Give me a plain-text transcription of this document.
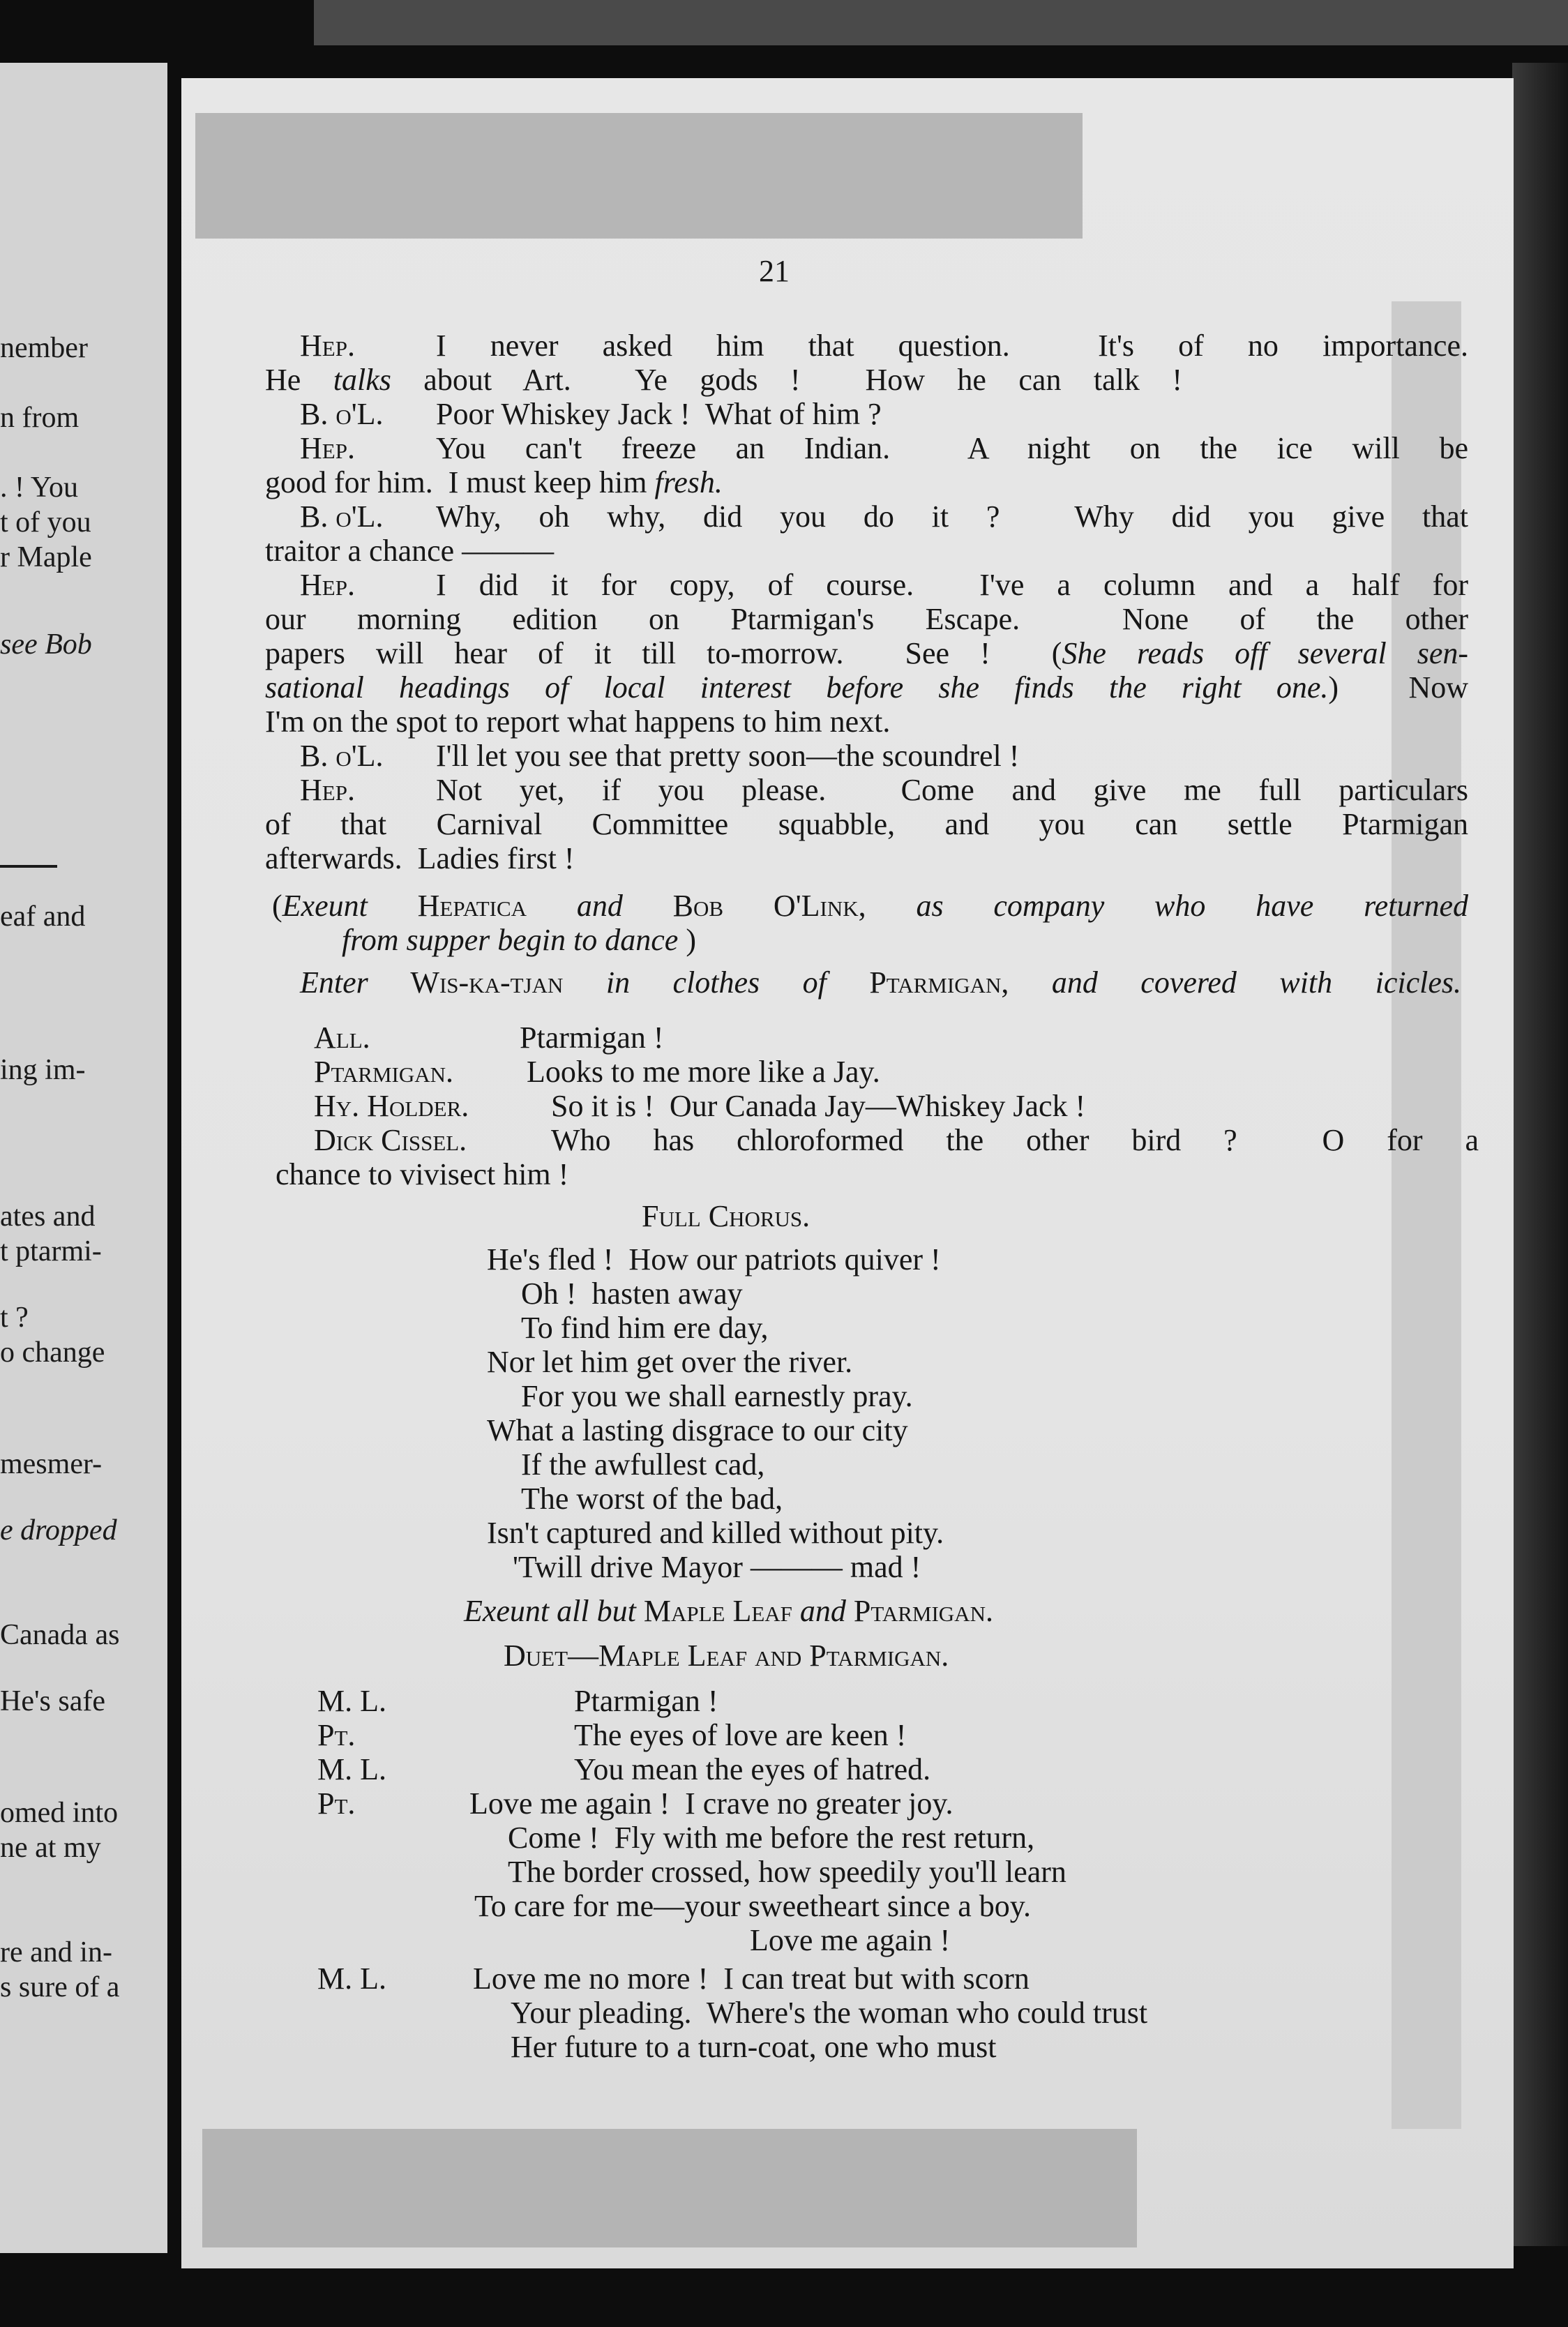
nember
n from
. ! You
t of you
r Maple
see Bob
eaf and
ing im-
ates and
t ptarmi-
t ?
o change
mesmer-
e dropped
Canada as
He's safe
omed into
ne at my
re and in-
s sure of a
21
Hep.	I never asked him that question.  It's of no importance.
He talks about Art.  Ye gods !  How he can talk !
B. o'L. Poor Whiskey Jack !  What of him ?
Hep.	You can't freeze an Indian.  A night on the ice will be
good for him.  I must keep him fresh.
B. o'L. Why, oh why, did you do it ?  Why did you give that
traitor a chance ———
Hep.	I did it for copy, of course.  I've a column and a half for
our morning edition on Ptarmigan's Escape.  None of the other
papers will hear of it till to-morrow.  See !  (She reads off several sen-
sational headings of local interest before she finds the right one.)  Now
I'm on the spot to report what happens to him next.
B. o'L. I'll let you see that pretty soon—the scoundrel !
Hep.	Not yet, if you please.  Come and give me full particulars
of that Carnival Committee squabble, and you can settle Ptarmigan
afterwards.  Ladies first !
(Exeunt Hepatica and Bob O'Link, as company who have returned
from supper begin to dance )
Enter Wis-ka-tjan in clothes of Ptarmigan, and covered with icicles.
All.	Ptarmigan !
Ptarmigan. Looks to me more like a Jay.
Hy. Holder.	So it is !  Our Canada Jay—Whiskey Jack !
Dick Cissel.	Who has chloroformed the other bird ?  O for a
chance to vivisect him !
Full Chorus.
He's fled !  How our patriots quiver !
Oh !  hasten away
To find him ere day,
Nor let him get over the river.
For you we shall earnestly pray.
What a lasting disgrace to our city
If the awfullest cad,
The worst of the bad,
Isn't captured and killed without pity.
'Twill drive Mayor ——— mad !
Exeunt all but Maple Leaf and Ptarmigan.
Duet—Maple Leaf and Ptarmigan.
M. L.	Ptarmigan !
Pt.	The eyes of love are keen !
M. L.	You mean the eyes of hatred.
Pt.	Love me again !  I crave no greater joy.
Come !  Fly with me before the rest return,
The border crossed, how speedily you'll learn
To care for me—your sweetheart since a boy.
Love me again !
M. L.	Love me no more !  I can treat but with scorn
Your pleading.  Where's the woman who could trust
Her future to a turn-coat, one who must
